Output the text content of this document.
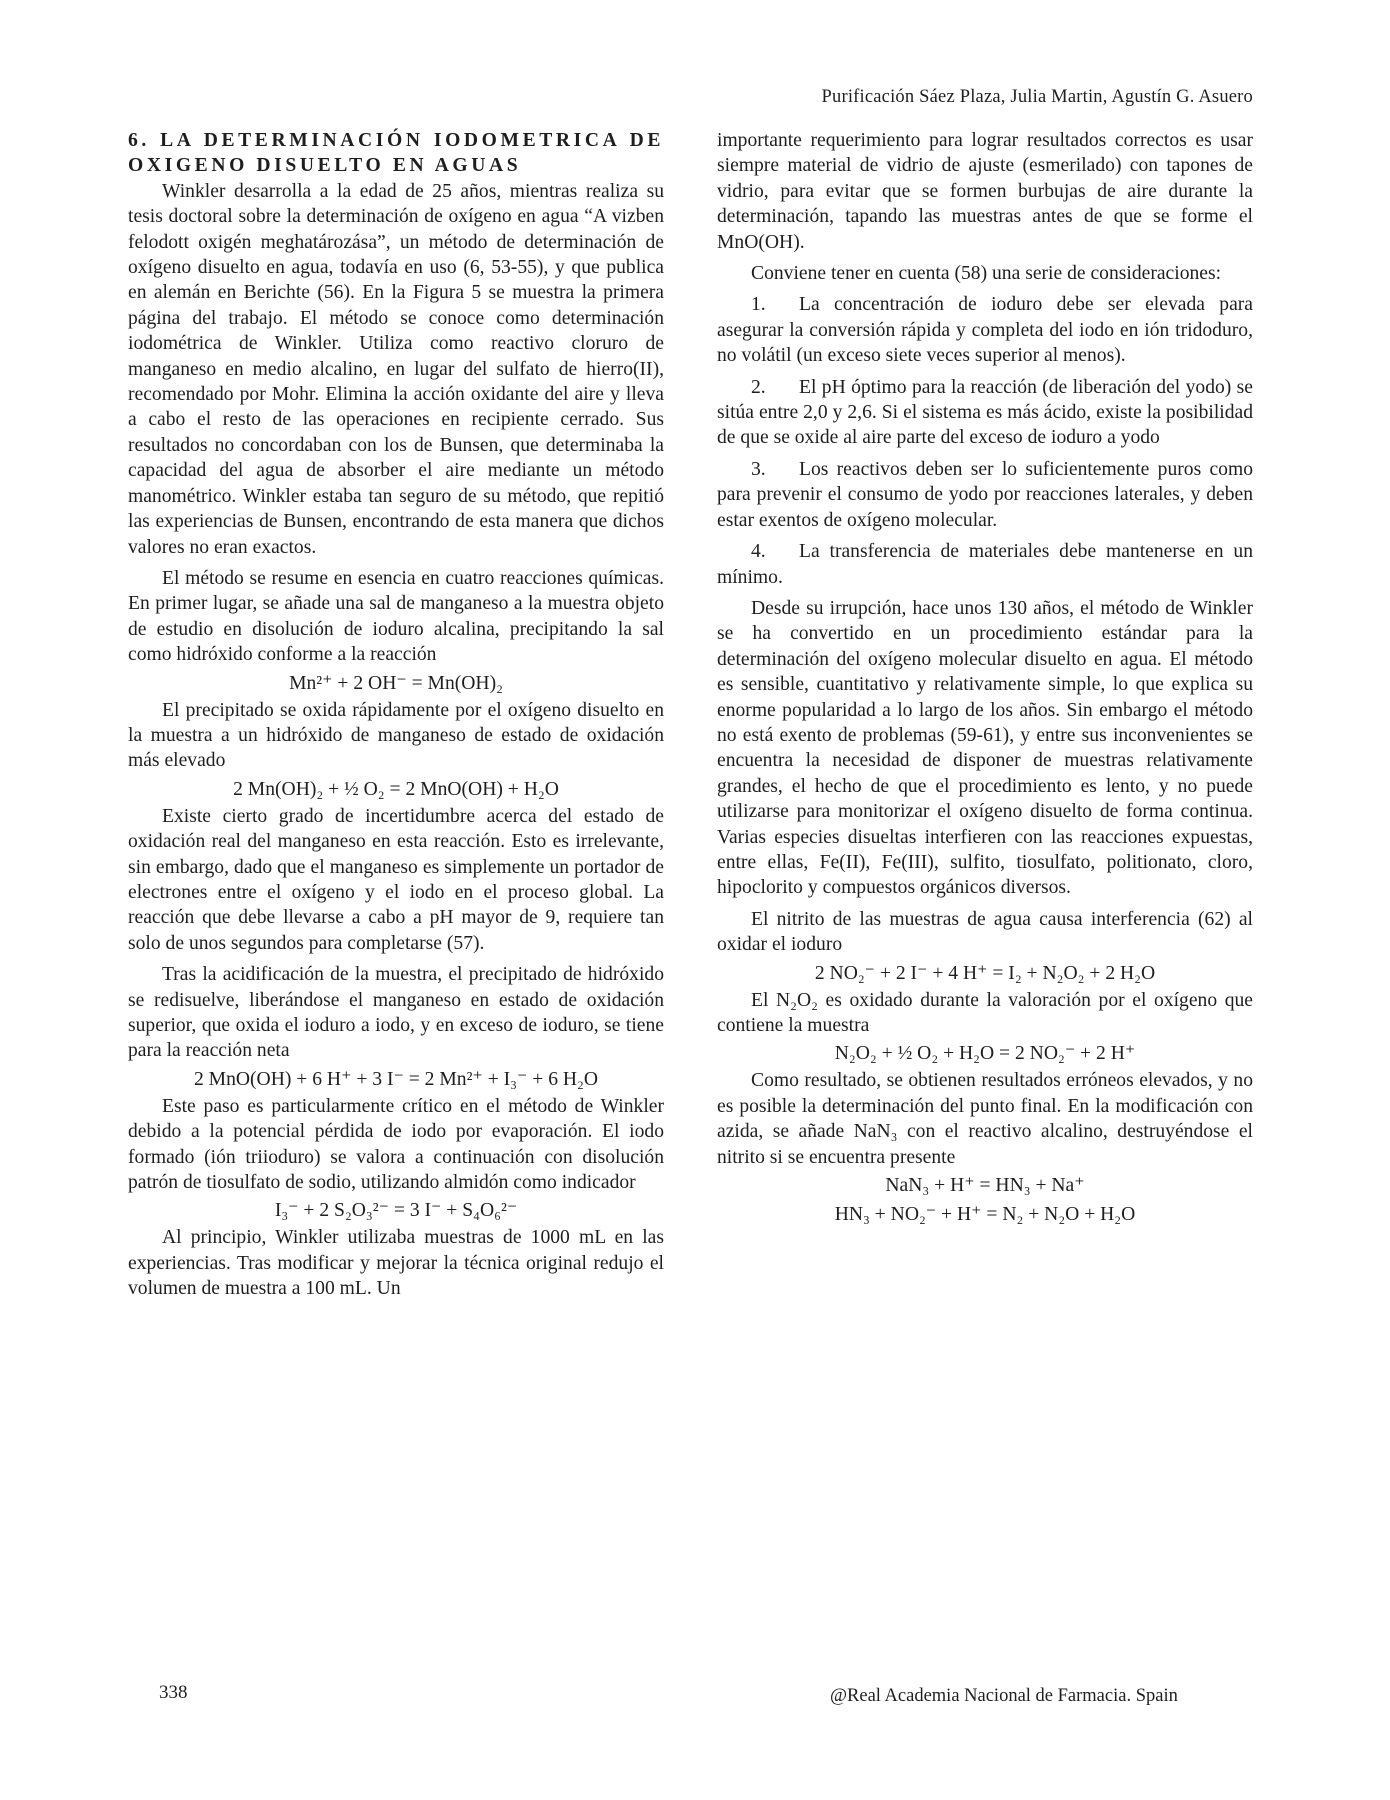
Purificación Sáez Plaza, Julia Martin, Agustín G. Asuero

6. LA DETERMINACIÓN IODOMETRICA DE OXIGENO DISUELTO EN AGUAS

Winkler desarrolla a la edad de 25 años, mientras realiza su tesis doctoral sobre la determinación de oxígeno en agua “A vizben felodott oxigén meghatározása”, un método de determinación de oxígeno disuelto en agua, todavía en uso (6, 53-55), y que publica en alemán en Berichte (56). En la Figura 5 se muestra la primera página del trabajo. El método se conoce como determinación iodométrica de Winkler. Utiliza como reactivo cloruro de manganeso en medio alcalino, en lugar del sulfato de hierro(II), recomendado por Mohr. Elimina la acción oxidante del aire y lleva a cabo el resto de las operaciones en recipiente cerrado. Sus resultados no concordaban con los de Bunsen, que determinaba la capacidad del agua de absorber el aire mediante un método manométrico. Winkler estaba tan seguro de su método, que repitió las experiencias de Bunsen, encontrando de esta manera que dichos valores no eran exactos.

El método se resume en esencia en cuatro reacciones químicas. En primer lugar, se añade una sal de manganeso a la muestra objeto de estudio en disolución de ioduro alcalina, precipitando la sal como hidróxido conforme a la reacción

Mn²⁺ + 2 OH⁻ = Mn(OH)₂

El precipitado se oxida rápidamente por el oxígeno disuelto en la muestra a un hidróxido de manganeso de estado de oxidación más elevado

2 Mn(OH)₂ + ½ O₂ = 2 MnO(OH) + H₂O

Existe cierto grado de incertidumbre acerca del estado de oxidación real del manganeso en esta reacción. Esto es irrelevante, sin embargo, dado que el manganeso es simplemente un portador de electrones entre el oxígeno y el iodo en el proceso global. La reacción que debe llevarse a cabo a pH mayor de 9, requiere tan solo de unos segundos para completarse (57).

Tras la acidificación de la muestra, el precipitado de hidróxido se redisuelve, liberándose el manganeso en estado de oxidación superior, que oxida el ioduro a iodo, y en exceso de ioduro, se tiene para la reacción neta

2 MnO(OH) + 6 H⁺ + 3 I⁻ = 2 Mn²⁺ + I₃⁻ + 6 H₂O

Este paso es particularmente crítico en el método de Winkler debido a la potencial pérdida de iodo por evaporación. El iodo formado (ión triioduro) se valora a continuación con disolución patrón de tiosulfato de sodio, utilizando almidón como indicador

I₃⁻ + 2 S₂O₃²⁻ = 3 I⁻ + S₄O₆²⁻

Al principio, Winkler utilizaba muestras de 1000 mL en las experiencias. Tras modificar y mejorar la técnica original redujo el volumen de muestra a 100 mL. Un

importante requerimiento para lograr resultados correctos es usar siempre material de vidrio de ajuste (esmerilado) con tapones de vidrio, para evitar que se formen burbujas de aire durante la determinación, tapando las muestras antes de que se forme el MnO(OH).

Conviene tener en cuenta (58) una serie de consideraciones:

1. La concentración de ioduro debe ser elevada para asegurar la conversión rápida y completa del iodo en ión tridoduro, no volátil (un exceso siete veces superior al menos).

2. El pH óptimo para la reacción (de liberación del yodo) se sitúa entre 2,0 y 2,6. Si el sistema es más ácido, existe la posibilidad de que se oxide al aire parte del exceso de ioduro a yodo

3. Los reactivos deben ser lo suficientemente puros como para prevenir el consumo de yodo por reacciones laterales, y deben estar exentos de oxígeno molecular.

4. La transferencia de materiales debe mantenerse en un mínimo.

Desde su irrupción, hace unos 130 años, el método de Winkler se ha convertido en un procedimiento estándar para la determinación del oxígeno molecular disuelto en agua. El método es sensible, cuantitativo y relativamente simple, lo que explica su enorme popularidad a lo largo de los años. Sin embargo el método no está exento de problemas (59-61), y entre sus inconvenientes se encuentra la necesidad de disponer de muestras relativamente grandes, el hecho de que el procedimiento es lento, y no puede utilizarse para monitorizar el oxígeno disuelto de forma continua. Varias especies disueltas interfieren con las reacciones expuestas, entre ellas, Fe(II), Fe(III), sulfito, tiosulfato, politionato, cloro, hipoclorito y compuestos orgánicos diversos.

El nitrito de las muestras de agua causa interferencia (62) al oxidar el ioduro

2 NO₂⁻ + 2 I⁻ + 4 H⁺ = I₂ + N₂O₂ + 2 H₂O

El N₂O₂ es oxidado durante la valoración por el oxígeno que contiene la muestra

N₂O₂ + ½ O₂ + H₂O = 2 NO₂⁻ + 2 H⁺

Como resultado, se obtienen resultados erróneos elevados, y no es posible la determinación del punto final. En la modificación con azida, se añade NaN₃ con el reactivo alcalino, destruyéndose el nitrito si se encuentra presente

NaN₃ + H⁺ = HN₃ + Na⁺
HN₃ + NO₂⁻ + H⁺ = N₂ + N₂O + H₂O
338	@Real Academia Nacional de Farmacia. Spain
